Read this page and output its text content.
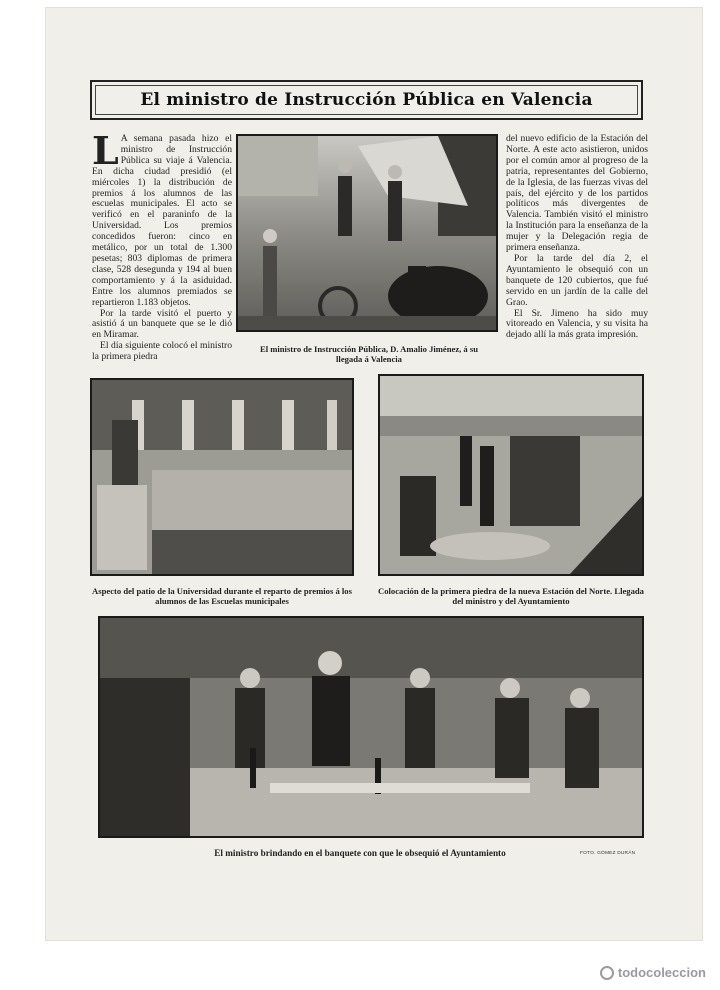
El ministro de Instrucción Pública en Valencia

L A semana pasada hizo el ministro de Instrucción Pública su viaje á Valencia. En dicha ciudad presidió (el miércoles 1) la distribución de premios á los alumnos de las escuelas municipales. El acto se verificó en el paraninfo de la Universidad. Los premios concedidos fueron: cinco en metálico, por un total de 1.300 pesetas; 803 diplomas de primera clase, 528 desegunda y 194 al buen comportamiento y á la asiduidad. Entre los alumnos premiados se repartieron 1.183 objetos.

Por la tarde visitó el puerto y asistió á un banquete que se le dió en Miramar.

El día siguiente colocó el ministro la primera piedra

El ministro de Instrucción Pública, D. Amalio Jiménez, á su llegada á Valencia

del nuevo edificio de la Estación del Norte. A este acto asistieron, unidos por el común amor al progreso de la patria, representantes del Gobierno, de la Iglesia, de las fuerzas vivas del país, del ejército y de los partidos políticos más divergentes de Valencia. También visitó el ministro la Institución para la enseñanza de la mujer y la Delegación regia de primera enseñanza.

Por la tarde del día 2, el Ayuntamiento le obsequió con un banquete de 120 cubiertos, que fué servido en un jardín de la calle del Grao.

El Sr. Jimeno ha sido muy vitoreado en Valencia, y su visita ha dejado allí la más grata impresión.

Aspecto del patio de la Universidad durante el reparto de premios á los alumnos de las Escuelas municipales
Colocación de la primera piedra de la nueva Estación del Norte. Llegada del ministro y del Ayuntamiento
El ministro brindando en el banquete con que le obsequió el Ayuntamiento	FOTO. GÓMEZ DURÁN
todocoleccion
